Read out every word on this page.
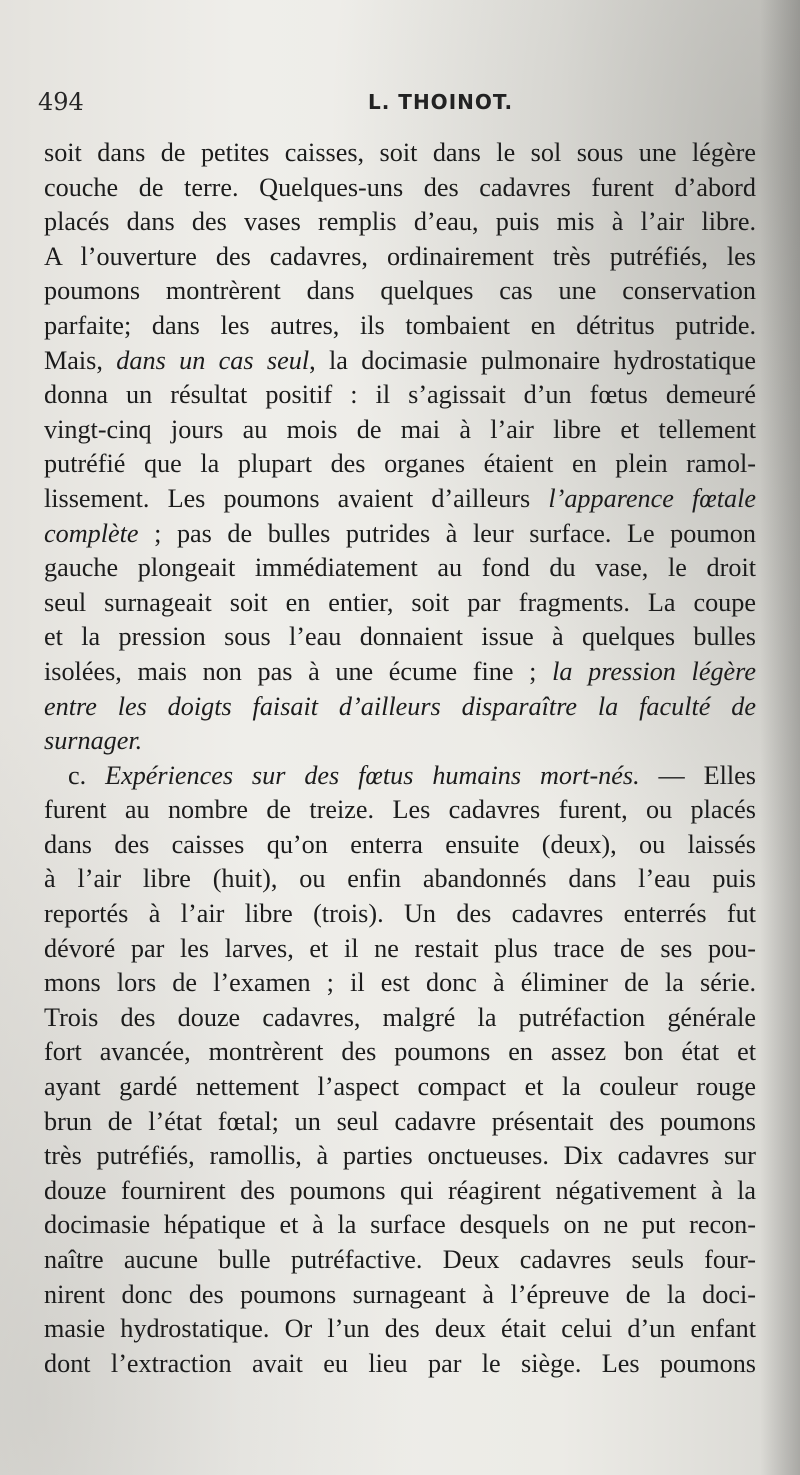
494	L. THOINOT.
soit dans de petites caisses, soit dans le sol sous une légère
couche de terre. Quelques-uns des cadavres furent d’abord
placés dans des vases remplis d’eau, puis mis à l’air libre.
A l’ouverture des cadavres, ordinairement très putréfiés, les
poumons montrèrent dans quelques cas une conservation
parfaite; dans les autres, ils tombaient en détritus putride.
Mais, dans un cas seul, la docimasie pulmonaire hydrostatique
donna un résultat positif : il s’agissait d’un fœtus demeuré
vingt-cinq jours au mois de mai à l’air libre et tellement
putréfié que la plupart des organes étaient en plein ramol-
lissement. Les poumons avaient d’ailleurs l’apparence fœtale
complète ; pas de bulles putrides à leur surface. Le poumon
gauche plongeait immédiatement au fond du vase, le droit
seul surnageait soit en entier, soit par fragments. La coupe
et la pression sous l’eau donnaient issue à quelques bulles
isolées, mais non pas à une écume fine ; la pression légère
entre les doigts faisait d’ailleurs disparaître la faculté de
surnager.
c. Expériences sur des fœtus humains mort-nés. — Elles
furent au nombre de treize. Les cadavres furent, ou placés
dans des caisses qu’on enterra ensuite (deux), ou laissés
à l’air libre (huit), ou enfin abandonnés dans l’eau puis
reportés à l’air libre (trois). Un des cadavres enterrés fut
dévoré par les larves, et il ne restait plus trace de ses pou-
mons lors de l’examen ; il est donc à éliminer de la série.
Trois des douze cadavres, malgré la putréfaction générale
fort avancée, montrèrent des poumons en assez bon état et
ayant gardé nettement l’aspect compact et la couleur rouge
brun de l’état fœtal; un seul cadavre présentait des poumons
très putréfiés, ramollis, à parties onctueuses. Dix cadavres sur
douze fournirent des poumons qui réagirent négativement à la
docimasie hépatique et à la surface desquels on ne put recon-
naître aucune bulle putréfactive. Deux cadavres seuls four-
nirent donc des poumons surnageant à l’épreuve de la doci-
masie hydrostatique. Or l’un des deux était celui d’un enfant
dont l’extraction avait eu lieu par le siège. Les poumons
